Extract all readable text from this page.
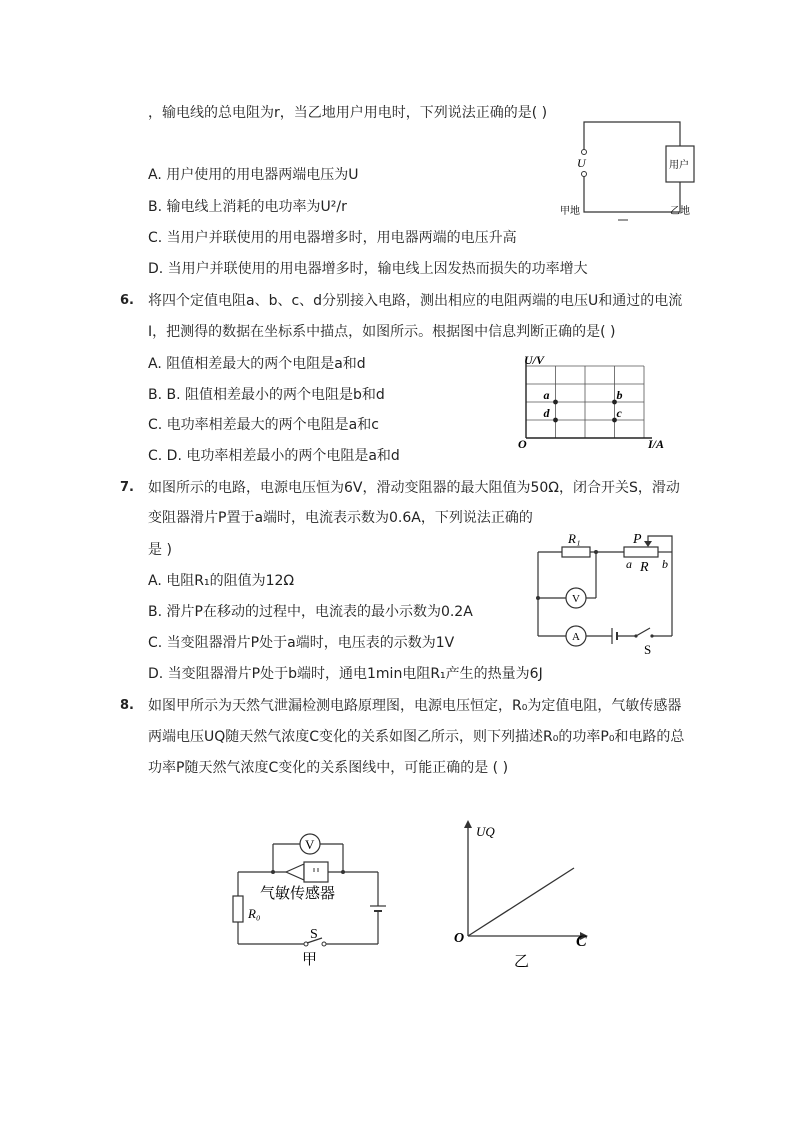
，输电线的总电阻为r，当乙地用户用电时，下列说法正确的是( )
A. 用户使用的用电器两端电压为U
B. 输电线上消耗的电功率为U²/r
C. 当用户并联使用的用电器增多时，用电器两端的电压升高
D. 当用户并联使用的用电器增多时，输电线上因发热而损失的功率增大
U	用户
甲地	乙地
6. 将四个定值电阻a、b、c、d分别接入电路，测出相应的电阻两端的电压U和通过的电流
I，把测得的数据在坐标系中描点，如图所示。根据图中信息判断正确的是( )
A. 阻值相差最大的两个电阻是a和d
B. B. 阻值相差最小的两个电阻是b和d
C. 电功率相差最大的两个电阻是a和c
C. D. 电功率相差最小的两个电阻是a和d
U/V
I/A
O
a	b
d	c
7. 如图所示的电路，电源电压恒为6V，滑动变阻器的最大阻值为50Ω，闭合开关S，滑动
变阻器滑片P置于a端时，电流表示数为0.6A，下列说法正确的
是 )
A. 电阻R₁的阻值为12Ω
B. 滑片P在移动的过程中，电流表的最小示数为0.2A
C. 当变阻器滑片P处于a端时，电压表的示数为1V
D. 当变阻器滑片P处于b端时，通电1min电阻R₁产生的热量为6J
R₁	P
a R b
V
A
S
8. 如图甲所示为天然气泄漏检测电路原理图，电源电压恒定，R₀为定值电阻，气敏传感器
两端电压UQ随天然气浓度C变化的关系如图乙所示，则下列描述R₀的功率P₀和电路的总
功率P随天然气浓度C变化的关系图线中，可能正确的是 ( )
V
气敏传感器
R₀
S
甲
UQ
O	C
乙
